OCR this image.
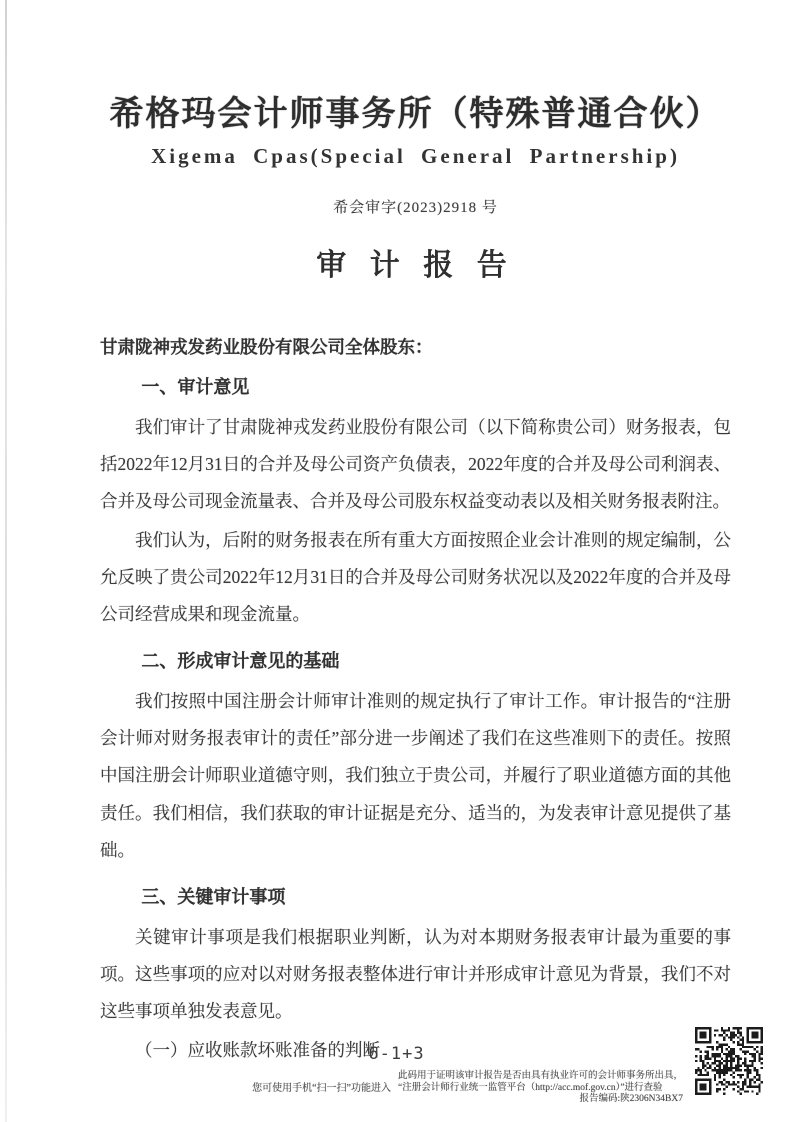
希格玛会计师事务所（特殊普通合伙）
Xigema Cpas(Special General Partnership)
希会审字(2023)2918 号
审 计 报 告
甘肃陇神戎发药业股份有限公司全体股东：
一、审计意见

我们审计了甘肃陇神戎发药业股份有限公司（以下简称贵公司）财务报表，包括2022年12月31日的合并及母公司资产负债表，2022年度的合并及母公司利润表、合并及母公司现金流量表、合并及母公司股东权益变动表以及相关财务报表附注。

我们认为，后附的财务报表在所有重大方面按照企业会计准则的规定编制，公允反映了贵公司2022年12月31日的合并及母公司财务状况以及2022年度的合并及母公司经营成果和现金流量。

二、形成审计意见的基础

我们按照中国注册会计师审计准则的规定执行了审计工作。审计报告的“注册会计师对财务报表审计的责任”部分进一步阐述了我们在这些准则下的责任。按照中国注册会计师职业道德守则，我们独立于贵公司，并履行了职业道德方面的其他责任。我们相信，我们获取的审计证据是充分、适当的，为发表审计意见提供了基础。

三、关键审计事项

关键审计事项是我们根据职业判断，认为对本期财务报表审计最为重要的事项。这些事项的应对以对财务报表整体进行审计并形成审计意见为背景，我们不对这些事项单独发表意见。

（一）应收账款坏账准备的判断

6-1+3
您可使用手机“扫一扫”功能进入
此码用于证明该审计报告是否由具有执业许可的会计师事务所出具，
“注册会计师行业统一监管平台（http://acc.mof.gov.cn）”进行查验
报告编码:陕2306N34BX7
